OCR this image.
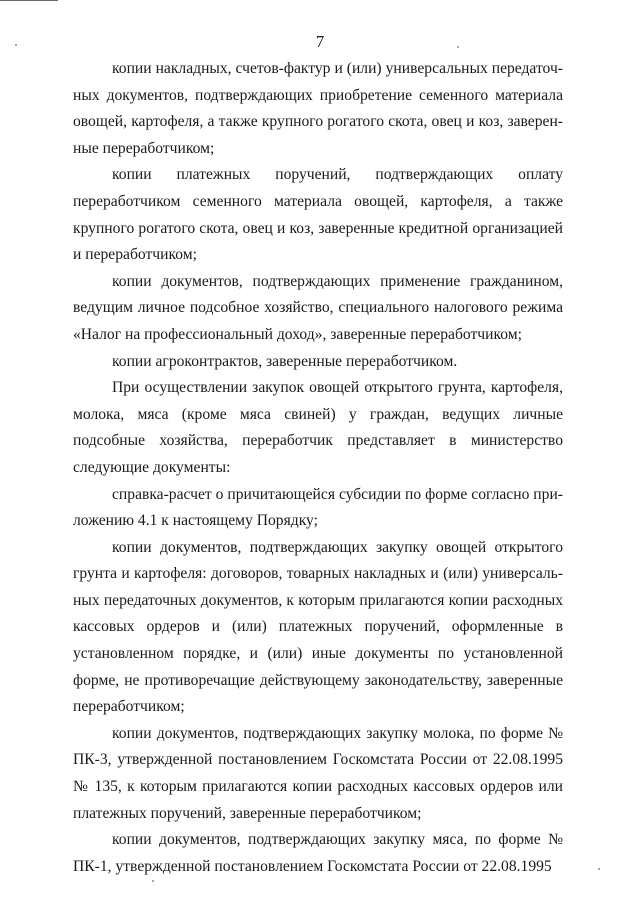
7

копии накладных, счетов-фактур и (или) универсальных передаточных документов, подтверждающих приобретение семенного материала овощей, картофеля, а также крупного рогатого скота, овец и коз, заверенные переработчиком;

копии платежных поручений, подтверждающих оплату переработчиком семенного материала овощей, картофеля, а также крупного рогатого скота, овец и коз, заверенные кредитной организацией и переработчиком;

копии документов, подтверждающих применение гражданином, ведущим личное подсобное хозяйство, специального налогового режима «Налог на профессиональный доход», заверенные переработчиком;

копии агроконтрактов, заверенные переработчиком.

При осуществлении закупок овощей открытого грунта, картофеля, молока, мяса (кроме мяса свиней) у граждан, ведущих личные подсобные хозяйства, переработчик представляет в министерство следующие документы:

справка-расчет о причитающейся субсидии по форме согласно приложению 4.1 к настоящему Порядку;

копии документов, подтверждающих закупку овощей открытого грунта и картофеля: договоров, товарных накладных и (или) универсальных передаточных документов, к которым прилагаются копии расходных кассовых ордеров и (или) платежных поручений, оформленные в установленном порядке, и (или) иные документы по установленной форме, не противоречащие действующему законодательству, заверенные переработчиком;

копии документов, подтверждающих закупку молока, по форме № ПК-3, утвержденной постановлением Госкомстата России от 22.08.1995 № 135, к которым прилагаются копии расходных кассовых ордеров или платежных поручений, заверенные переработчиком;

копии документов, подтверждающих закупку мяса, по форме № ПК-1, утвержденной постановлением Госкомстата России от 22.08.1995
